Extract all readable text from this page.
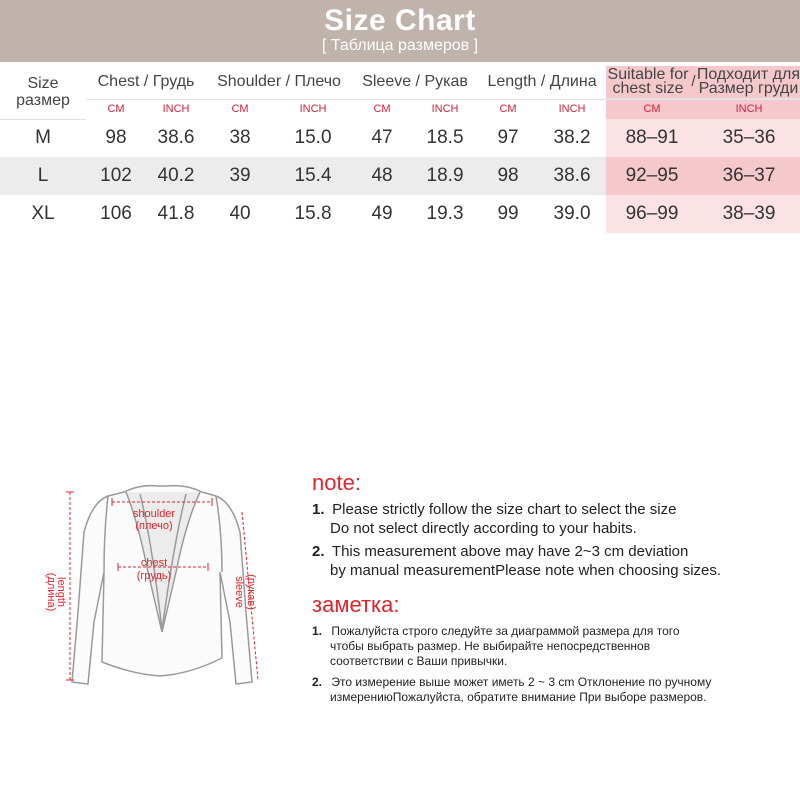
Size Chart
[ Таблица размеров ]
Size
размер	Chest / Грудь	Shoulder / Плечо	Sleeve / Рукав	Length / Длина	Suitable for
chest size	/	Подходит для
Размер груди

CM	INCH	CM	INCH	CM	INCH	CM	INCH	CM	INCH
M	98	38.6	38	15.0	47	18.5	97	38.2	88–91	35–36
L	102	40.2	39	15.4	48	18.9	98	38.6	92–95	36–37
XL	106	41.8	40	15.8	49	19.3	99	39.0	96–99	38–39
shoulder
(плечо)
chest
(грудь)
length
(длина)	sleeve (рукав)
note:
1. Please strictly follow the size chart to select the size
Do not select directly according to your habits.
2. This measurement above may have 2~3 cm deviation
by manual measurementPlease note when choosing sizes.
заметка:
1. Пожалуйста строго следуйте за диаграммой размера для того
чтобы выбрать размер. Не выбирайте непосредственнов
соответствии с Ваши привычки.
2. Это измерение выше может иметь 2 ~ 3 cm Отклонение по ручному
измерениюПожалуйста, обратите внимание При выборе размеров.
